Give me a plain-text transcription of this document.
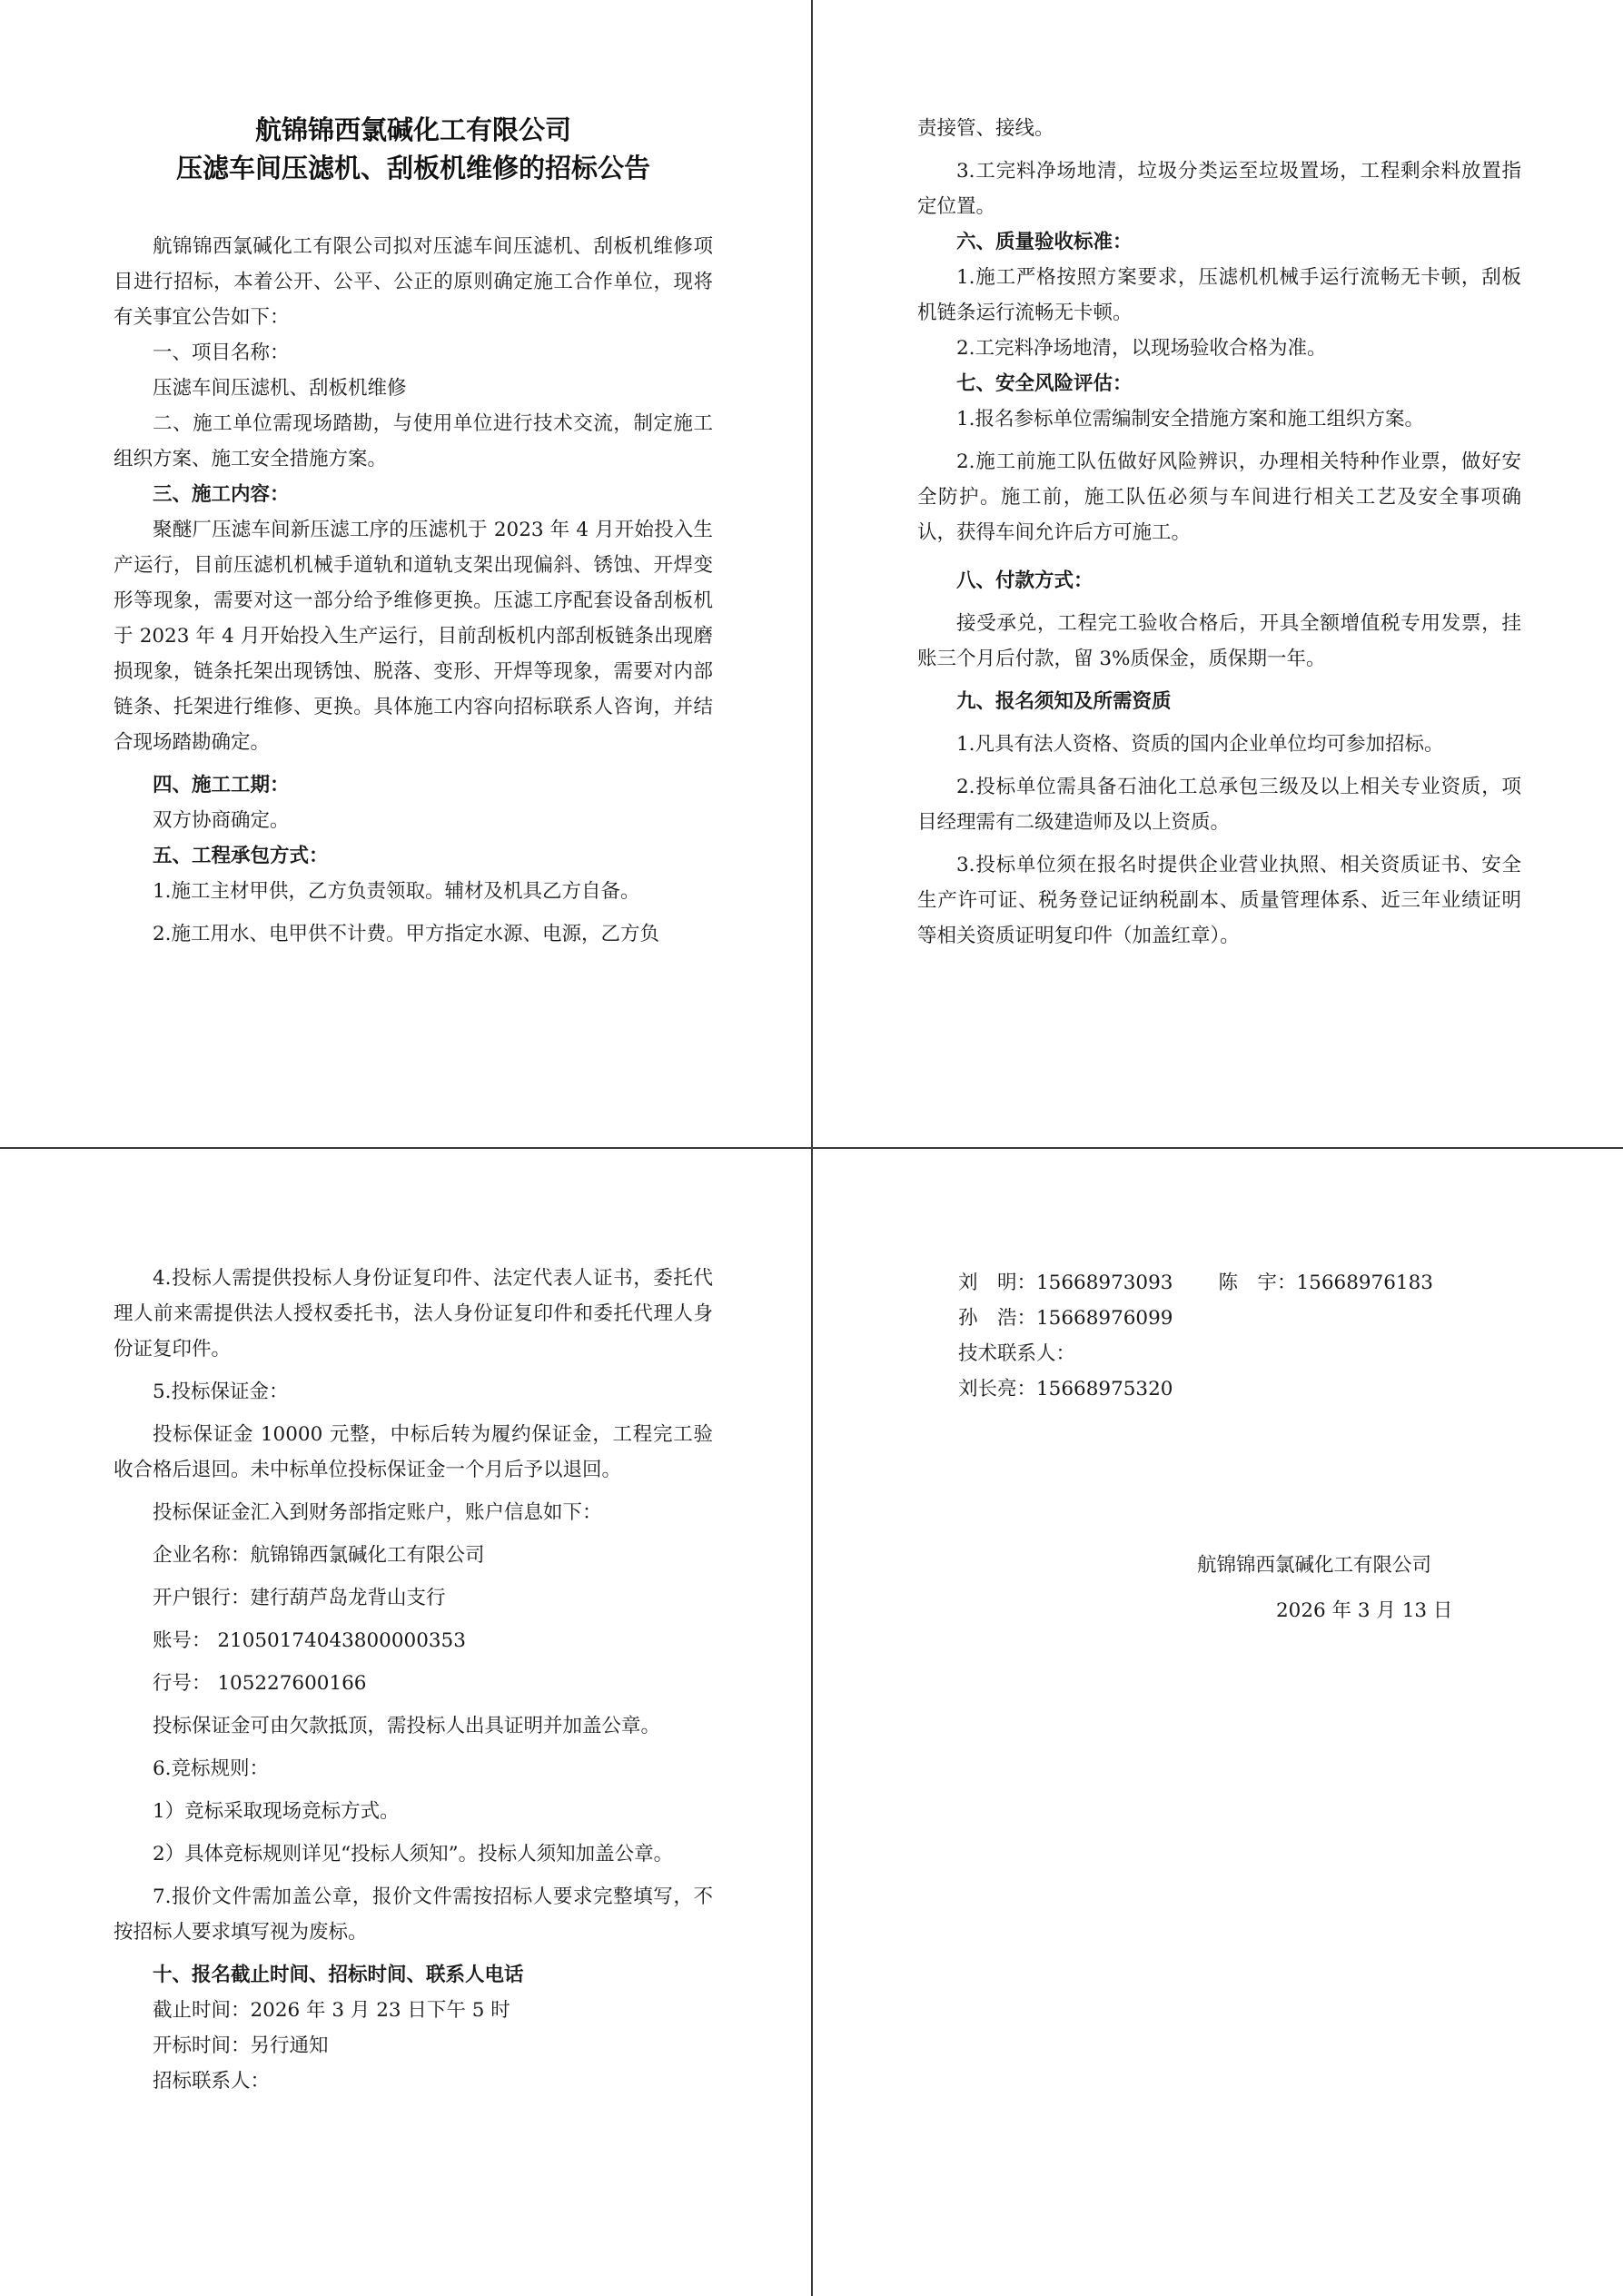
航锦锦西氯碱化工有限公司

压滤车间压滤机、刮板机维修的招标公告

航锦锦西氯碱化工有限公司拟对压滤车间压滤机、刮板机维修项目进行招标，本着公开、公平、公正的原则确定施工合作单位，现将有关事宜公告如下：

一、项目名称：

压滤车间压滤机、刮板机维修

二、施工单位需现场踏勘，与使用单位进行技术交流，制定施工组织方案、施工安全措施方案。

三、施工内容：

聚醚厂压滤车间新压滤工序的压滤机于 2023 年 4 月开始投入生产运行，目前压滤机机械手道轨和道轨支架出现偏斜、锈蚀、开焊变形等现象，需要对这一部分给予维修更换。压滤工序配套设备刮板机于 2023 年 4 月开始投入生产运行，目前刮板机内部刮板链条出现磨损现象，链条托架出现锈蚀、脱落、变形、开焊等现象，需要对内部链条、托架进行维修、更换。具体施工内容向招标联系人咨询，并结合现场踏勘确定。

四、施工工期：

双方协商确定。

五、工程承包方式：

1.施工主材甲供，乙方负责领取。辅材及机具乙方自备。

2.施工用水、电甲供不计费。甲方指定水源、电源，乙方负

责接管、接线。

3.工完料净场地清，垃圾分类运至垃圾置场，工程剩余料放置指定位置。

六、质量验收标准：

1.施工严格按照方案要求，压滤机机械手运行流畅无卡顿，刮板机链条运行流畅无卡顿。

2.工完料净场地清，以现场验收合格为准。

七、安全风险评估：

1.报名参标单位需编制安全措施方案和施工组织方案。

2.施工前施工队伍做好风险辨识，办理相关特种作业票，做好安全防护。施工前，施工队伍必须与车间进行相关工艺及安全事项确认，获得车间允许后方可施工。

八、付款方式：

接受承兑，工程完工验收合格后，开具全额增值税专用发票，挂账三个月后付款，留 3%质保金，质保期一年。

九、报名须知及所需资质

1.凡具有法人资格、资质的国内企业单位均可参加招标。

2.投标单位需具备石油化工总承包三级及以上相关专业资质，项目经理需有二级建造师及以上资质。

3.投标单位须在报名时提供企业营业执照、相关资质证书、安全生产许可证、税务登记证纳税副本、质量管理体系、近三年业绩证明等相关资质证明复印件（加盖红章）。

4.投标人需提供投标人身份证复印件、法定代表人证书，委托代理人前来需提供法人授权委托书，法人身份证复印件和委托代理人身份证复印件。

5.投标保证金：

投标保证金 10000 元整，中标后转为履约保证金，工程完工验收合格后退回。未中标单位投标保证金一个月后予以退回。

投标保证金汇入到财务部指定账户，账户信息如下：

企业名称：航锦锦西氯碱化工有限公司

开户银行：建行葫芦岛龙背山支行

账号： 21050174043800000353

行号： 105227600166

投标保证金可由欠款抵顶，需投标人出具证明并加盖公章。

6.竞标规则：

1）竞标采取现场竞标方式。

2）具体竞标规则详见“投标人须知”。投标人须知加盖公章。

7.报价文件需加盖公章，报价文件需按招标人要求完整填写，不按招标人要求填写视为废标。

十、报名截止时间、招标时间、联系人电话

截止时间：2026 年 3 月 23 日下午 5 时

开标时间：另行通知

招标联系人：

刘　明：15668973093 陈　宇：15668976183

孙　浩：15668976099

技术联系人：

刘长亮：15668975320

航锦锦西氯碱化工有限公司

2026 年 3 月 13 日
